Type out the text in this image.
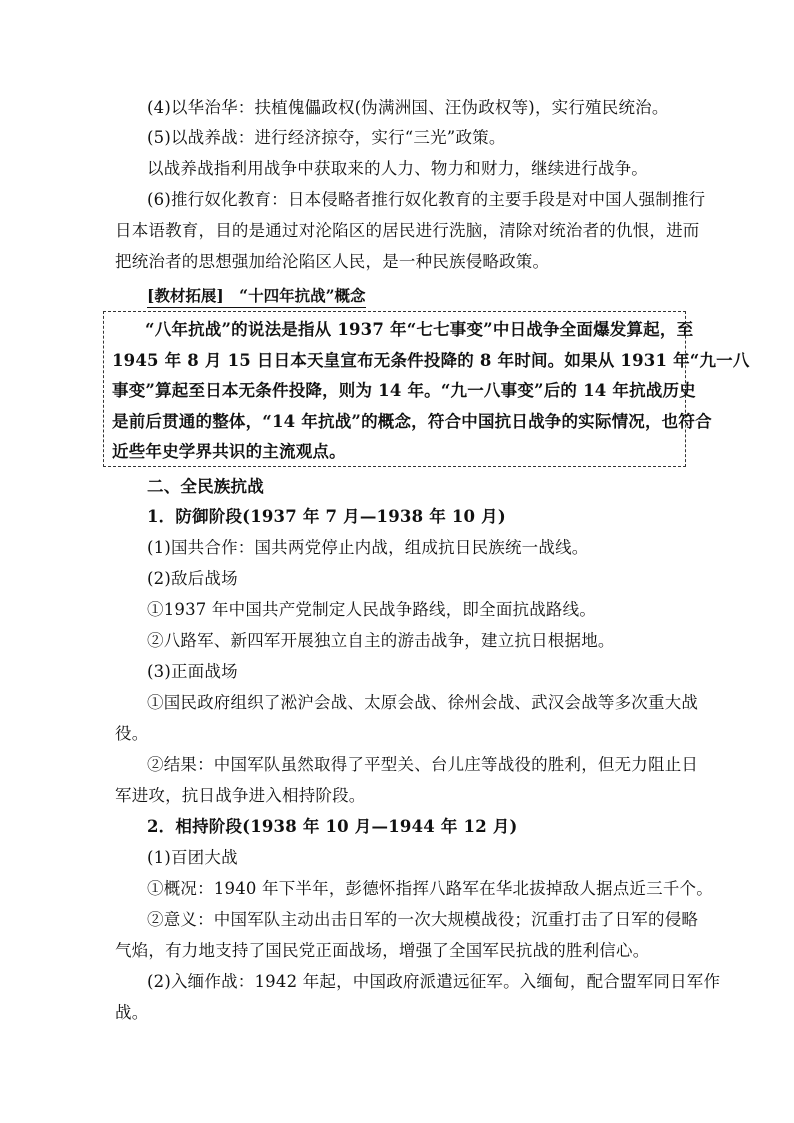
(4)以华治华：扶植傀儡政权(伪满洲国、汪伪政权等)，实行殖民统治。
(5)以战养战：进行经济掠夺，实行“三光”政策。
以战养战指利用战争中获取来的人力、物力和财力，继续进行战争。
(6)推行奴化教育：日本侵略者推行奴化教育的主要手段是对中国人强制推行
日本语教育，目的是通过对沦陷区的居民进行洗脑，清除对统治者的仇恨，进而
把统治者的思想强加给沦陷区人民，是一种民族侵略政策。
[教材拓展]　“十四年抗战”概念
“八年抗战”的说法是指从 1937 年“七七事变”中日战争全面爆发算起，至
1945 年 8 月 15 日日本天皇宣布无条件投降的 8 年时间。如果从 1931 年“九一八
事变”算起至日本无条件投降，则为 14 年。“九一八事变”后的 14 年抗战历史
是前后贯通的整体，“14 年抗战”的概念，符合中国抗日战争的实际情况，也符合
近些年史学界共识的主流观点。
二、全民族抗战
1．防御阶段(1937 年 7 月—1938 年 10 月)
(1)国共合作：国共两党停止内战，组成抗日民族统一战线。
(2)敌后战场
①1937 年中国共产党制定人民战争路线，即全面抗战路线。
②八路军、新四军开展独立自主的游击战争，建立抗日根据地。
(3)正面战场
①国民政府组织了淞沪会战、太原会战、徐州会战、武汉会战等多次重大战
役。
②结果：中国军队虽然取得了平型关、台儿庄等战役的胜利，但无力阻止日
军进攻，抗日战争进入相持阶段。
2．相持阶段(1938 年 10 月—1944 年 12 月)
(1)百团大战
①概况：1940 年下半年，彭德怀指挥八路军在华北拔掉敌人据点近三千个。
②意义：中国军队主动出击日军的一次大规模战役；沉重打击了日军的侵略
气焰，有力地支持了国民党正面战场，增强了全国军民抗战的胜利信心。
(2)入缅作战：1942 年起，中国政府派遣远征军。入缅甸，配合盟军同日军作
战。
